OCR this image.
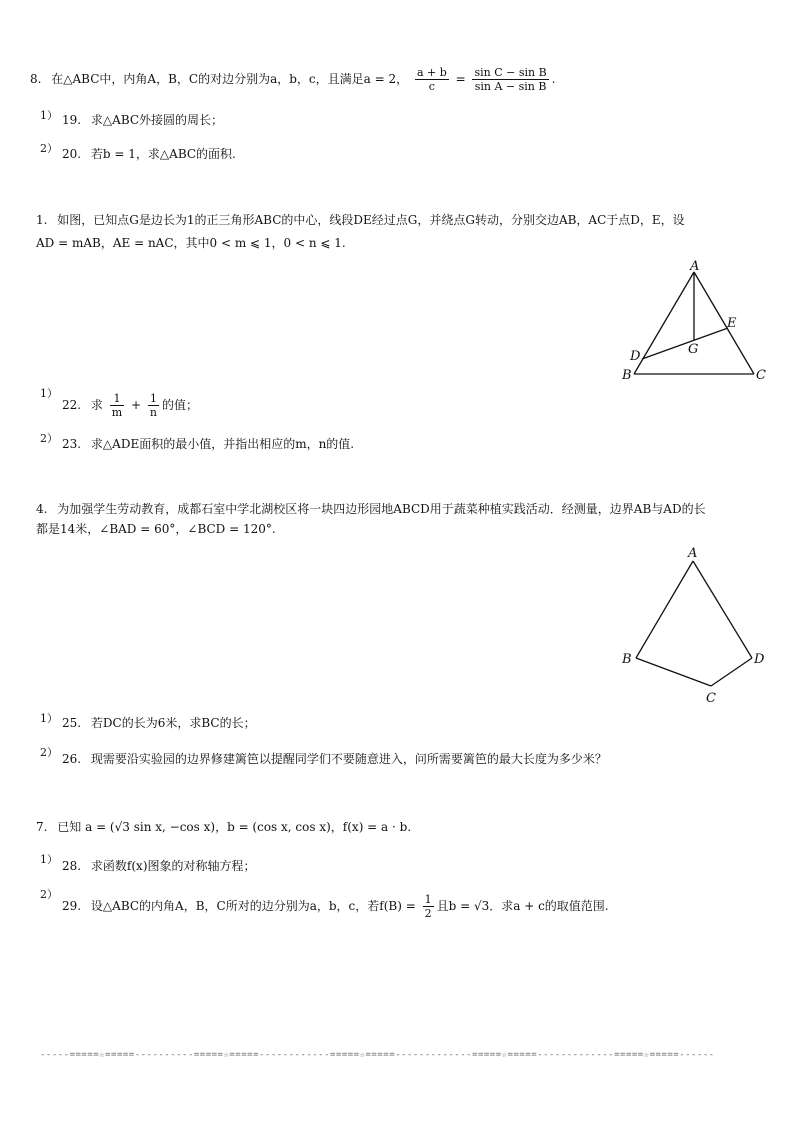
8. 在△ABC中，内角A，B，C的对边分别为a，b，c，且满足a = 2， $\frac{a + b}{c} = \frac{\text{sin C − sin B}}{\text{sin A − sin B}}$ .
1） 19. 求△ABC外接圆的周长；
2） 20. 若b = 1，求△ABC的面积.
1. 如图，已知点G是边长为1的正三角形ABC的中心，线段DE经过点G，并绕点G转动，分别交边AB，AC于点D，E，设
AD = mAB，AE = nAC，其中0 < m ⩽ 1，0 < n ⩽ 1.
A
B	C
D
E
G
1）
22. 求 $\frac{1}{m} + \frac{1}{n}$ 的值；
2） 23. 求△ADE面积的最小值，并指出相应的m，n的值.
4. 为加强学生劳动教育，成都石室中学北湖校区将一块四边形园地ABCD用于蔬菜种植实践活动．经测量，边界AB与AD的长
都是14米，∠BAD = 60°，∠BCD = 120°.
A
B
C
D
1） 25. 若DC的长为6米，求BC的长；
2） 26. 现需要沿实验园的边界修建篱笆以提醒同学们不要随意进入，问所需要篱笆的最大长度为多少米？
7. 已知 a = (√3 sin x, −cos x)，b = (cos x, cos x)，f(x) = a · b.
1） 28. 求函数f(x)图象的对称轴方程；
2）
29. 设△ABC的内角A，B，C所对的边分别为a，b，c，若$f(B) = \frac{1}{2}$ 且b = √3．求a + c的取值范围.
-----=====☆=====----------=====☆=====------------=====☆=====-------------=====☆=====-------------=====☆=====------
